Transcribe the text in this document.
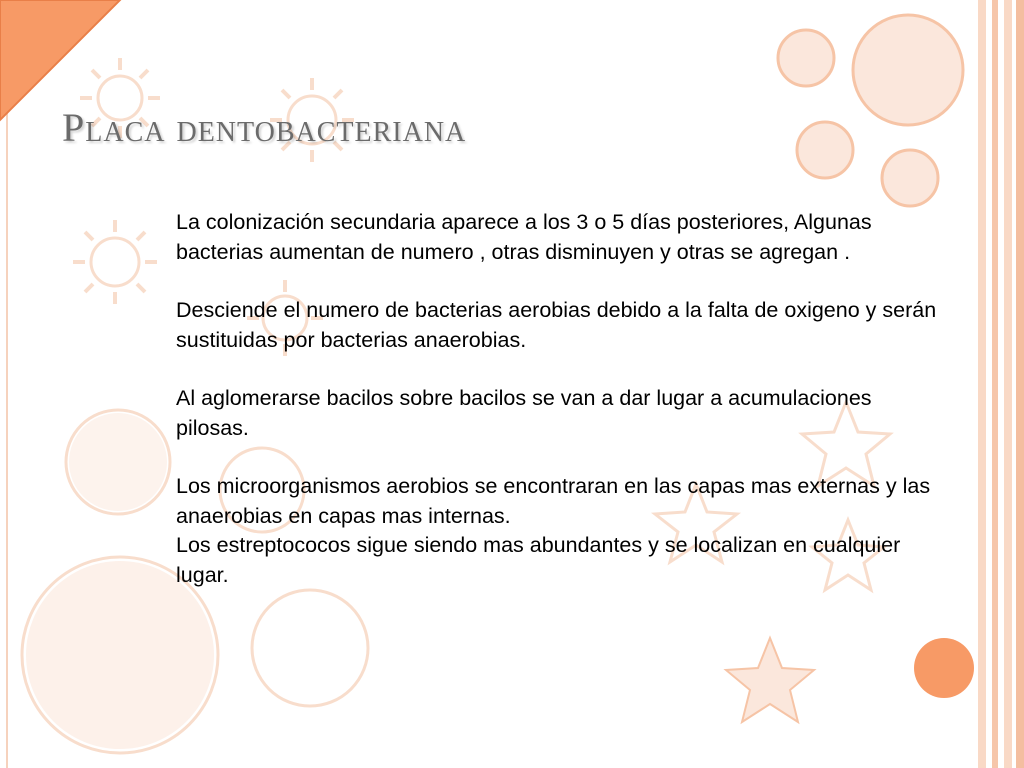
Placa dentobacteriana

La colonización secundaria aparece a los 3 o 5 días posteriores, Algunas bacterias aumentan de numero , otras disminuyen y otras se agregan .

Desciende el numero de bacterias aerobias debido a la falta de oxigeno y serán sustituidas por bacterias anaerobias.

Al aglomerarse bacilos sobre bacilos se van a dar lugar a acumulaciones pilosas.

Los microorganismos aerobios se encontraran en las capas mas externas y las anaerobias en capas mas internas.

Los estreptococos sigue siendo mas abundantes y se localizan en cualquier lugar.
